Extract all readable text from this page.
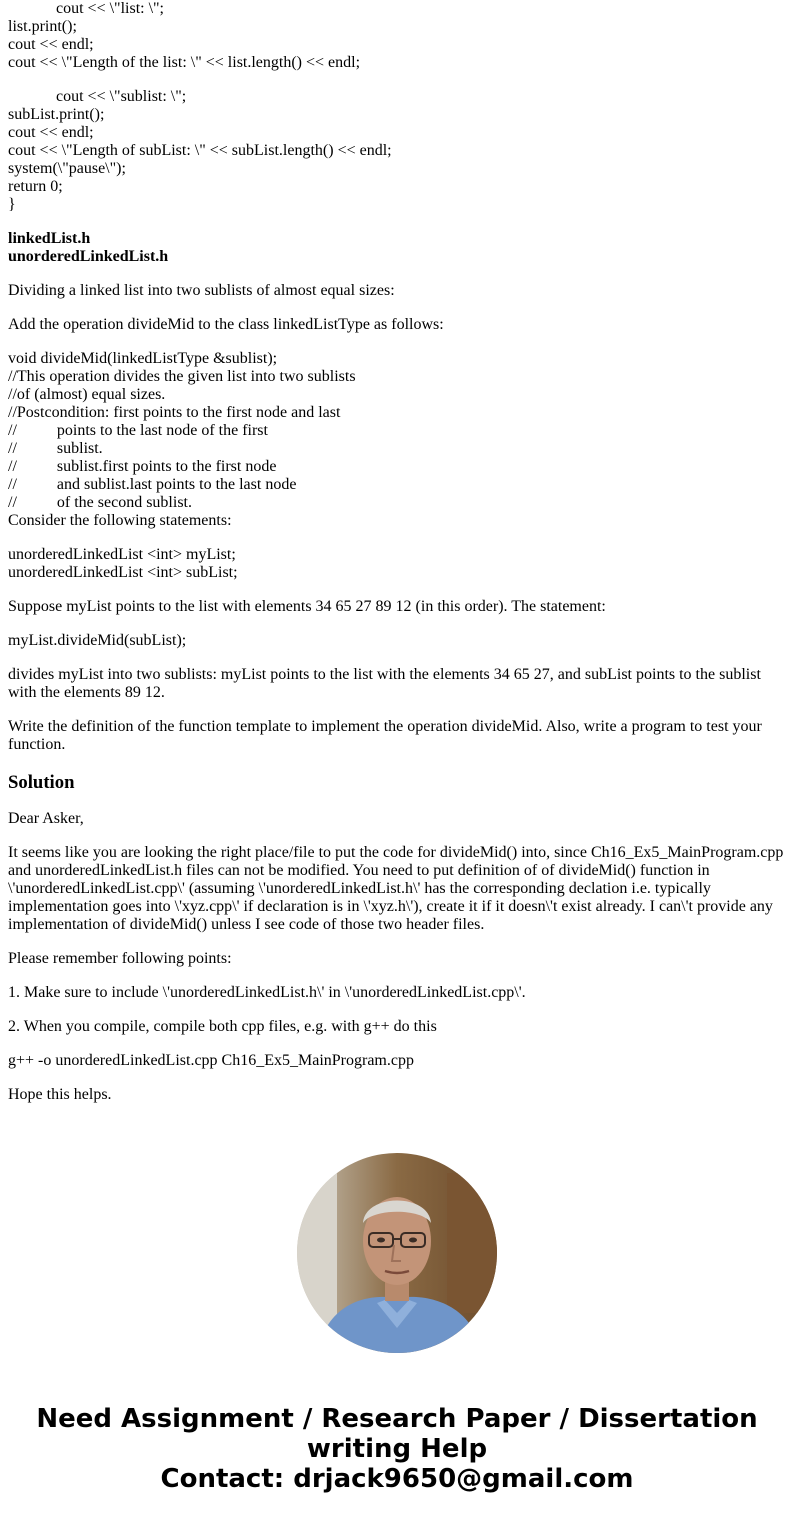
cout << \"list: \";
list.print();
cout << endl;
cout << \"Length of the list: \" << list.length() << endl;
cout << \"sublist: \";
subList.print();
cout << endl;
cout << \"Length of subList: \" << subList.length() << endl;
system(\"pause\");
return 0;
}
linkedList.h
unorderedLinkedList.h

Dividing a linked list into two sublists of almost equal sizes:

Add the operation divideMid to the class linkedListType as follows:

void divideMid(linkedListType &sublist);
//This operation divides the given list into two sublists
//of (almost) equal sizes.
//Postcondition: first points to the first node and last
//          points to the last node of the first
//          sublist.
//          sublist.first points to the first node
//          and sublist.last points to the last node
//          of the second sublist.
Consider the following statements:
unorderedLinkedList <int> myList;
unorderedLinkedList <int> subList;

Suppose myList points to the list with elements 34 65 27 89 12 (in this order). The statement:

myList.divideMid(subList);

divides myList into two sublists: myList points to the list with the elements 34 65 27, and subList points to the sublist with the elements 89 12.

Write the definition of the function template to implement the operation divideMid. Also, write a program to test your function.

Solution

Dear Asker,

It seems like you are looking the right place/file to put the code for divideMid() into, since Ch16_Ex5_MainProgram.cpp and unorderedLinkedList.h files can not be modified. You need to put definition of of divideMid() function in \'unorderedLinkedList.cpp\' (assuming \'unorderedLinkedList.h\' has the corresponding declation i.e. typically implementation goes into \'xyz.cpp\' if declaration is in \'xyz.h\'), create it if it doesn\'t exist already. I can\'t provide any implementation of divideMid() unless I see code of those two header files.

Please remember following points:

1. Make sure to include \'unorderedLinkedList.h\' in \'unorderedLinkedList.cpp\'.

2. When you compile, compile both cpp files, e.g. with g++ do this

g++ -o unorderedLinkedList.cpp Ch16_Ex5_MainProgram.cpp

Hope this helps.

Need Assignment / Research Paper / Dissertation
writing Help
Contact: drjack9650@gmail.com
